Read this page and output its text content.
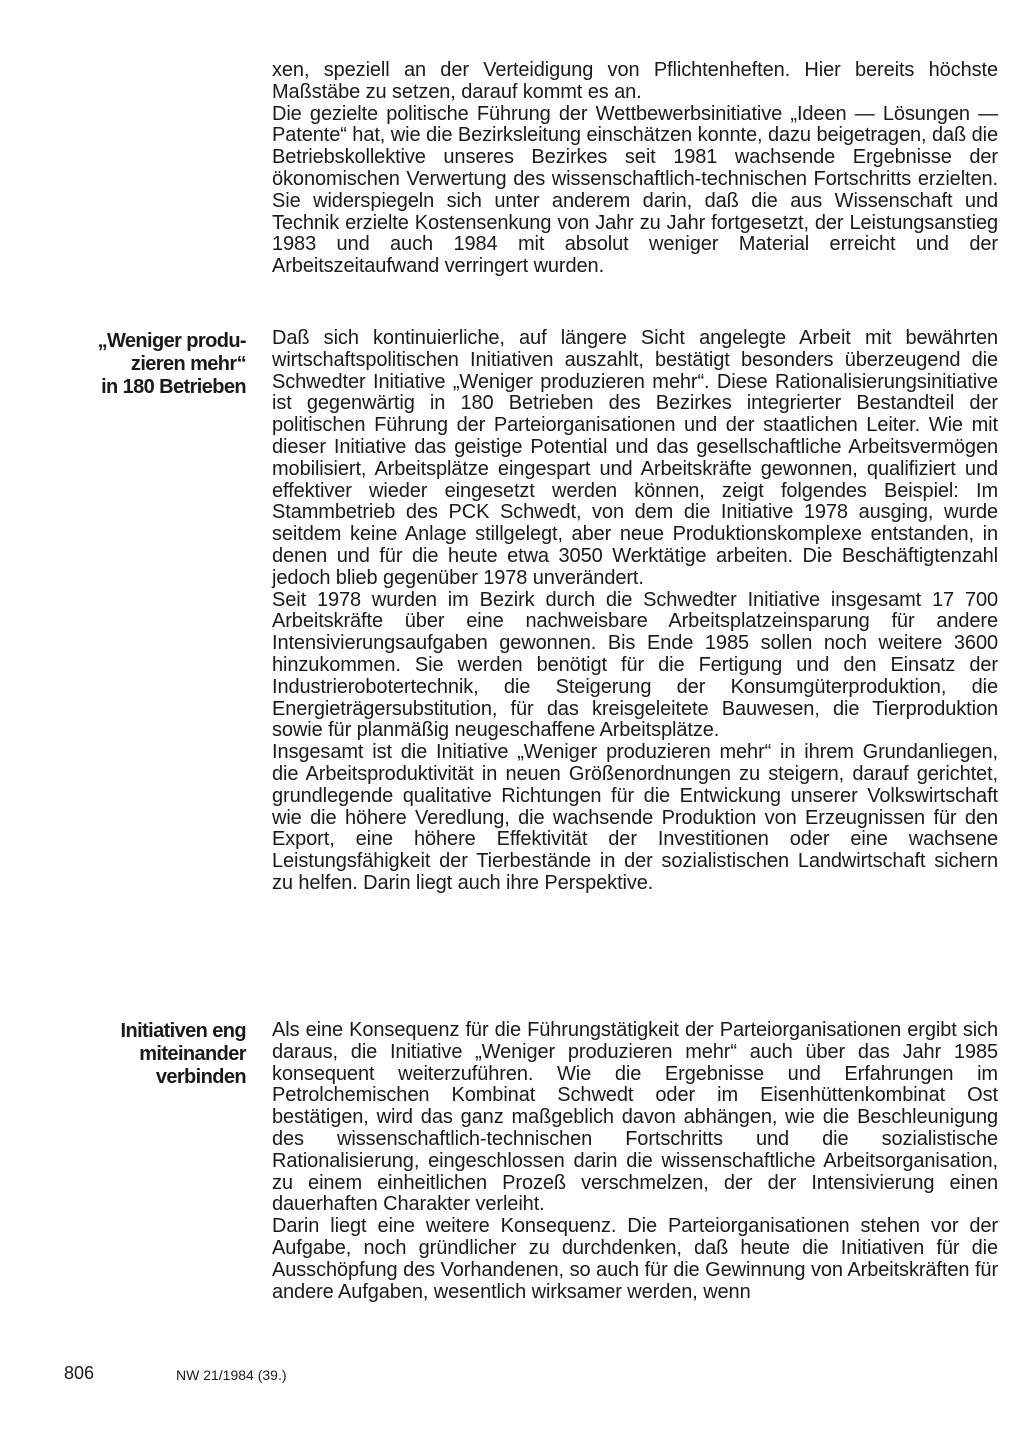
xen, speziell an der Verteidigung von Pflichtenheften. Hier bereits höchste Maßstäbe zu setzen, darauf kommt es an.

Die gezielte politische Führung der Wettbewerbsinitiative „Ideen — Lösungen — Patente“ hat, wie die Bezirksleitung einschätzen konnte, dazu beigetragen, daß die Betriebskollektive unseres Bezirkes seit 1981 wachsende Ergebnisse der ökonomischen Verwertung des wissenschaftlich-technischen Fortschritts erzielten. Sie widerspiegeln sich unter anderem darin, daß die aus Wissenschaft und Technik erzielte Kostensenkung von Jahr zu Jahr fortgesetzt, der Leistungsanstieg 1983 und auch 1984 mit absolut weniger Material erreicht und der Arbeitszeitaufwand verringert wurden.

„Weniger produ-
zieren mehr“
in 180 Betrieben

Daß sich kontinuierliche, auf längere Sicht angelegte Arbeit mit bewährten wirtschaftspolitischen Initiativen auszahlt, bestätigt besonders überzeugend die Schwedter Initiative „Weniger produzieren mehr“. Diese Rationalisierungsinitiative ist gegenwärtig in 180 Betrieben des Bezirkes integrierter Bestandteil der politischen Führung der Parteiorganisationen und der staatlichen Leiter. Wie mit dieser Initiative das geistige Potential und das gesellschaftliche Arbeitsvermögen mobilisiert, Arbeitsplätze eingespart und Arbeitskräfte gewonnen, qualifiziert und effektiver wieder eingesetzt werden können, zeigt folgendes Beispiel: Im Stammbetrieb des PCK Schwedt, von dem die Initiative 1978 ausging, wurde seitdem keine Anlage stillgelegt, aber neue Produktionskomplexe entstanden, in denen und für die heute etwa 3050 Werktätige arbeiten. Die Beschäftigtenzahl jedoch blieb gegenüber 1978 unverändert.

Seit 1978 wurden im Bezirk durch die Schwedter Initiative insgesamt 17 700 Arbeitskräfte über eine nachweisbare Arbeitsplatzeinsparung für andere Intensivierungsaufgaben gewonnen. Bis Ende 1985 sollen noch weitere 3600 hinzukommen. Sie werden benötigt für die Fertigung und den Einsatz der Industrierobotertechnik, die Steigerung der Konsumgüterproduktion, die Energieträgersubstitution, für das kreisgeleitete Bauwesen, die Tierproduktion sowie für planmäßig neugeschaffene Arbeitsplätze.

Insgesamt ist die Initiative „Weniger produzieren mehr“ in ihrem Grundanliegen, die Arbeitsproduktivität in neuen Größenordnungen zu steigern, darauf gerichtet, grundlegende qualitative Richtungen für die Entwickung unserer Volkswirtschaft wie die höhere Veredlung, die wachsende Produktion von Erzeugnissen für den Export, eine höhere Effektivität der Investitionen oder eine wachsene Leistungsfähigkeit der Tierbestände in der sozialistischen Landwirtschaft sichern zu helfen. Darin liegt auch ihre Perspektive.

Initiativen eng
miteinander
verbinden

Als eine Konsequenz für die Führungstätigkeit der Parteiorganisationen ergibt sich daraus, die Initiative „Weniger produzieren mehr“ auch über das Jahr 1985 konsequent weiterzuführen. Wie die Ergebnisse und Erfahrungen im Petrolchemischen Kombinat Schwedt oder im Eisenhüttenkombinat Ost bestätigen, wird das ganz maßgeblich davon abhängen, wie die Beschleunigung des wissenschaftlich-technischen Fortschritts und die sozialistische Rationalisierung, eingeschlossen darin die wissenschaftliche Arbeitsorganisation, zu einem einheitlichen Prozeß verschmelzen, der der Intensivierung einen dauerhaften Charakter verleiht.

Darin liegt eine weitere Konsequenz. Die Parteiorganisationen stehen vor der Aufgabe, noch gründlicher zu durchdenken, daß heute die Initiativen für die Ausschöpfung des Vorhandenen, so auch für die Gewinnung von Arbeitskräften für andere Aufgaben, wesentlich wirksamer werden, wenn

806	NW 21/1984 (39.)
